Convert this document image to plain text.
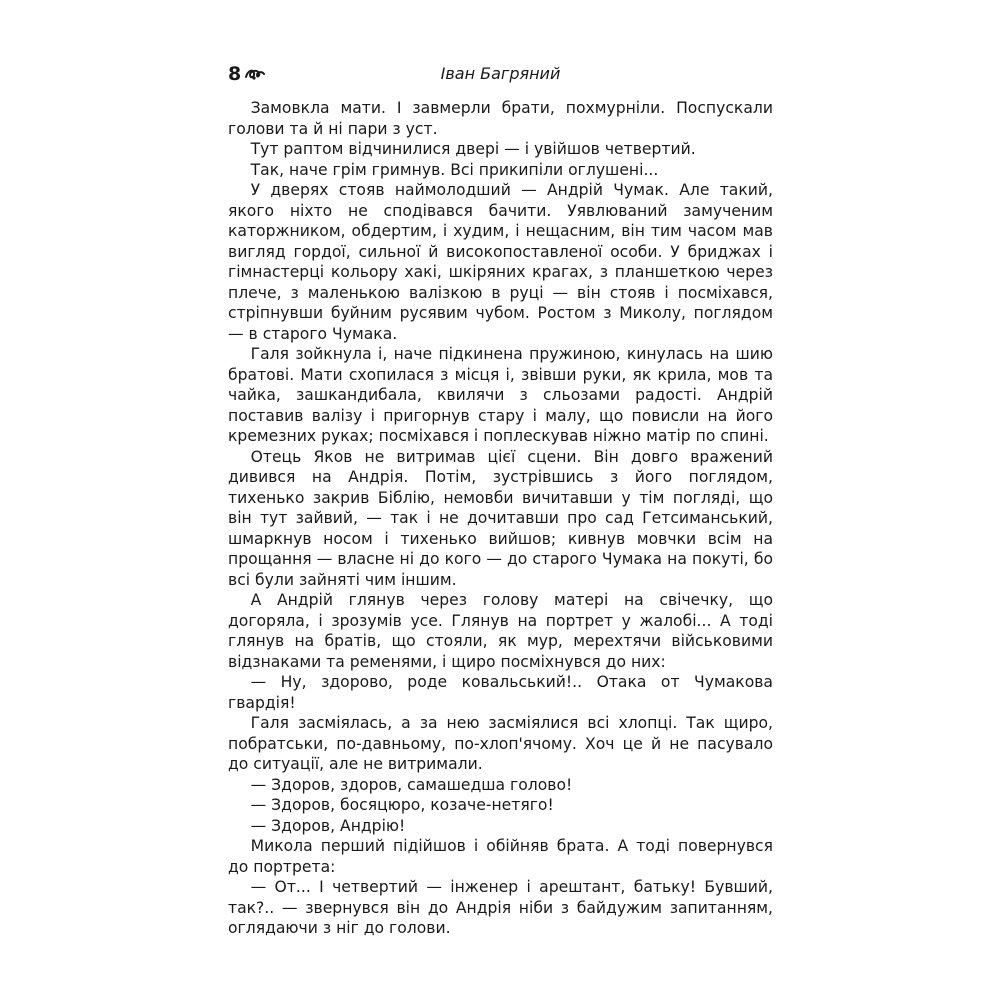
8	Іван Багряний

Замовкла мати. І завмерли брати, похмурніли. Поспускали голови та й ні пари з уст.

Тут раптом відчинилися двері — і увійшов четвертий.

Так, наче грім гримнув. Всі прикипіли оглушені...

У дверях стояв наймолодший — Андрій Чумак. Але такий, якого ніхто не сподівався бачити. Уявлюваний замученим каторжником, обдертим, і худим, і нещасним, він тим часом мав вигляд гордої, сильної й високопоставленої особи. У бриджах і гімнастерці кольору хакі, шкіряних крагах, з планшеткою через плече, з маленькою валізкою в руці — він стояв і посміхався, стріпнувши буйним русявим чубом. Ростом з Миколу, поглядом — в старого Чумака.

Галя зойкнула і, наче підкинена пружиною, кинулась на шию братові. Мати схопилася з місця і, звівши руки, як крила, мов та чайка, зашкандибала, квилячи з сльозами радості. Андрій поставив валізу і пригорнув стару і малу, що повисли на його кремезних руках; посміхався і поплескував ніжно матір по спині.

Отець Яков не витримав цієї сцени. Він довго вражений дивився на Андрія. Потім, зустрівшись з його поглядом, тихенько закрив Біблію, немовби вичитавши у тім погляді, що він тут зайвий, — так і не дочитавши про сад Гетсиманський, шмаркнув носом і тихенько вийшов; кивнув мовчки всім на прощання — власне ні до кого — до старого Чумака на покуті, бо всі були зайняті чим іншим.

А Андрій глянув через голову матері на свічечку, що догоряла, і зрозумів усе. Глянув на портрет у жалобі... А тоді глянув на братів, що стояли, як мур, мерехтячи військовими відзнаками та ременями, і щиро посміхнувся до них:

— Ну, здорово, роде ковальський!.. Отака от Чумакова гвардія!

Галя засміялась, а за нею засміялися всі хлопці. Так щиро, побратськи, по-давньому, по-хлоп'ячому. Хоч це й не пасувало до ситуації, але не витримали.

— Здоров, здоров, самашедша голово!

— Здоров, босяцюро, козаче-нетяго!

— Здоров, Андрію!

Микола перший підійшов і обійняв брата. А тоді повернувся до портрета:

— От... І четвертий — інженер і арештант, батьку! Бувший, так?.. — звернувся він до Андрія ніби з байдужим запитанням, оглядаючи з ніг до голови.
